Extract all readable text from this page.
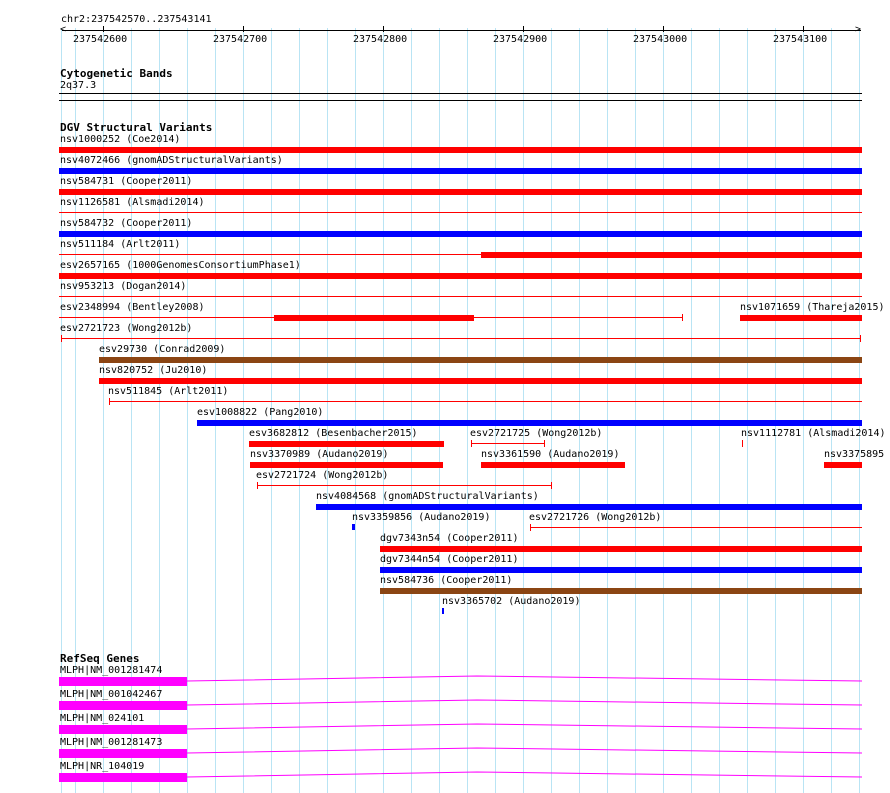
chr2:237542570..237543141
<	>
237542600	237542700	237542800	237542900	237543000	237543100
Cytogenetic Bands
2q37.3
DGV Structural Variants
nsv1000252 (Coe2014)
nsv4072466 (gnomADStructuralVariants)
nsv584731 (Cooper2011)
nsv1126581 (Alsmadi2014)
nsv584732 (Cooper2011)
nsv511184 (Arlt2011)
esv2657165 (1000GenomesConsortiumPhase1)
nsv953213 (Dogan2014)
esv2348994 (Bentley2008)	nsv1071659 (Thareja2015)
esv2721723 (Wong2012b)
esv29730 (Conrad2009)
nsv820752 (Ju2010)
nsv511845 (Arlt2011)
esv1008822 (Pang2010)
esv3682812 (Besenbacher2015)	esv2721725 (Wong2012b)	nsv1112781 (Alsmadi2014)
nsv3370989 (Audano2019)	nsv3361590 (Audano2019)	nsv3375895
esv2721724 (Wong2012b)
nsv4084568 (gnomADStructuralVariants)
nsv3359856 (Audano2019)	esv2721726 (Wong2012b)
dgv7343n54 (Cooper2011)
dgv7344n54 (Cooper2011)
nsv584736 (Cooper2011)
nsv3365702 (Audano2019)
RefSeq Genes
MLPH|NM_001281474
MLPH|NM_001042467
MLPH|NM_024101
MLPH|NM_001281473
MLPH|NR_104019
